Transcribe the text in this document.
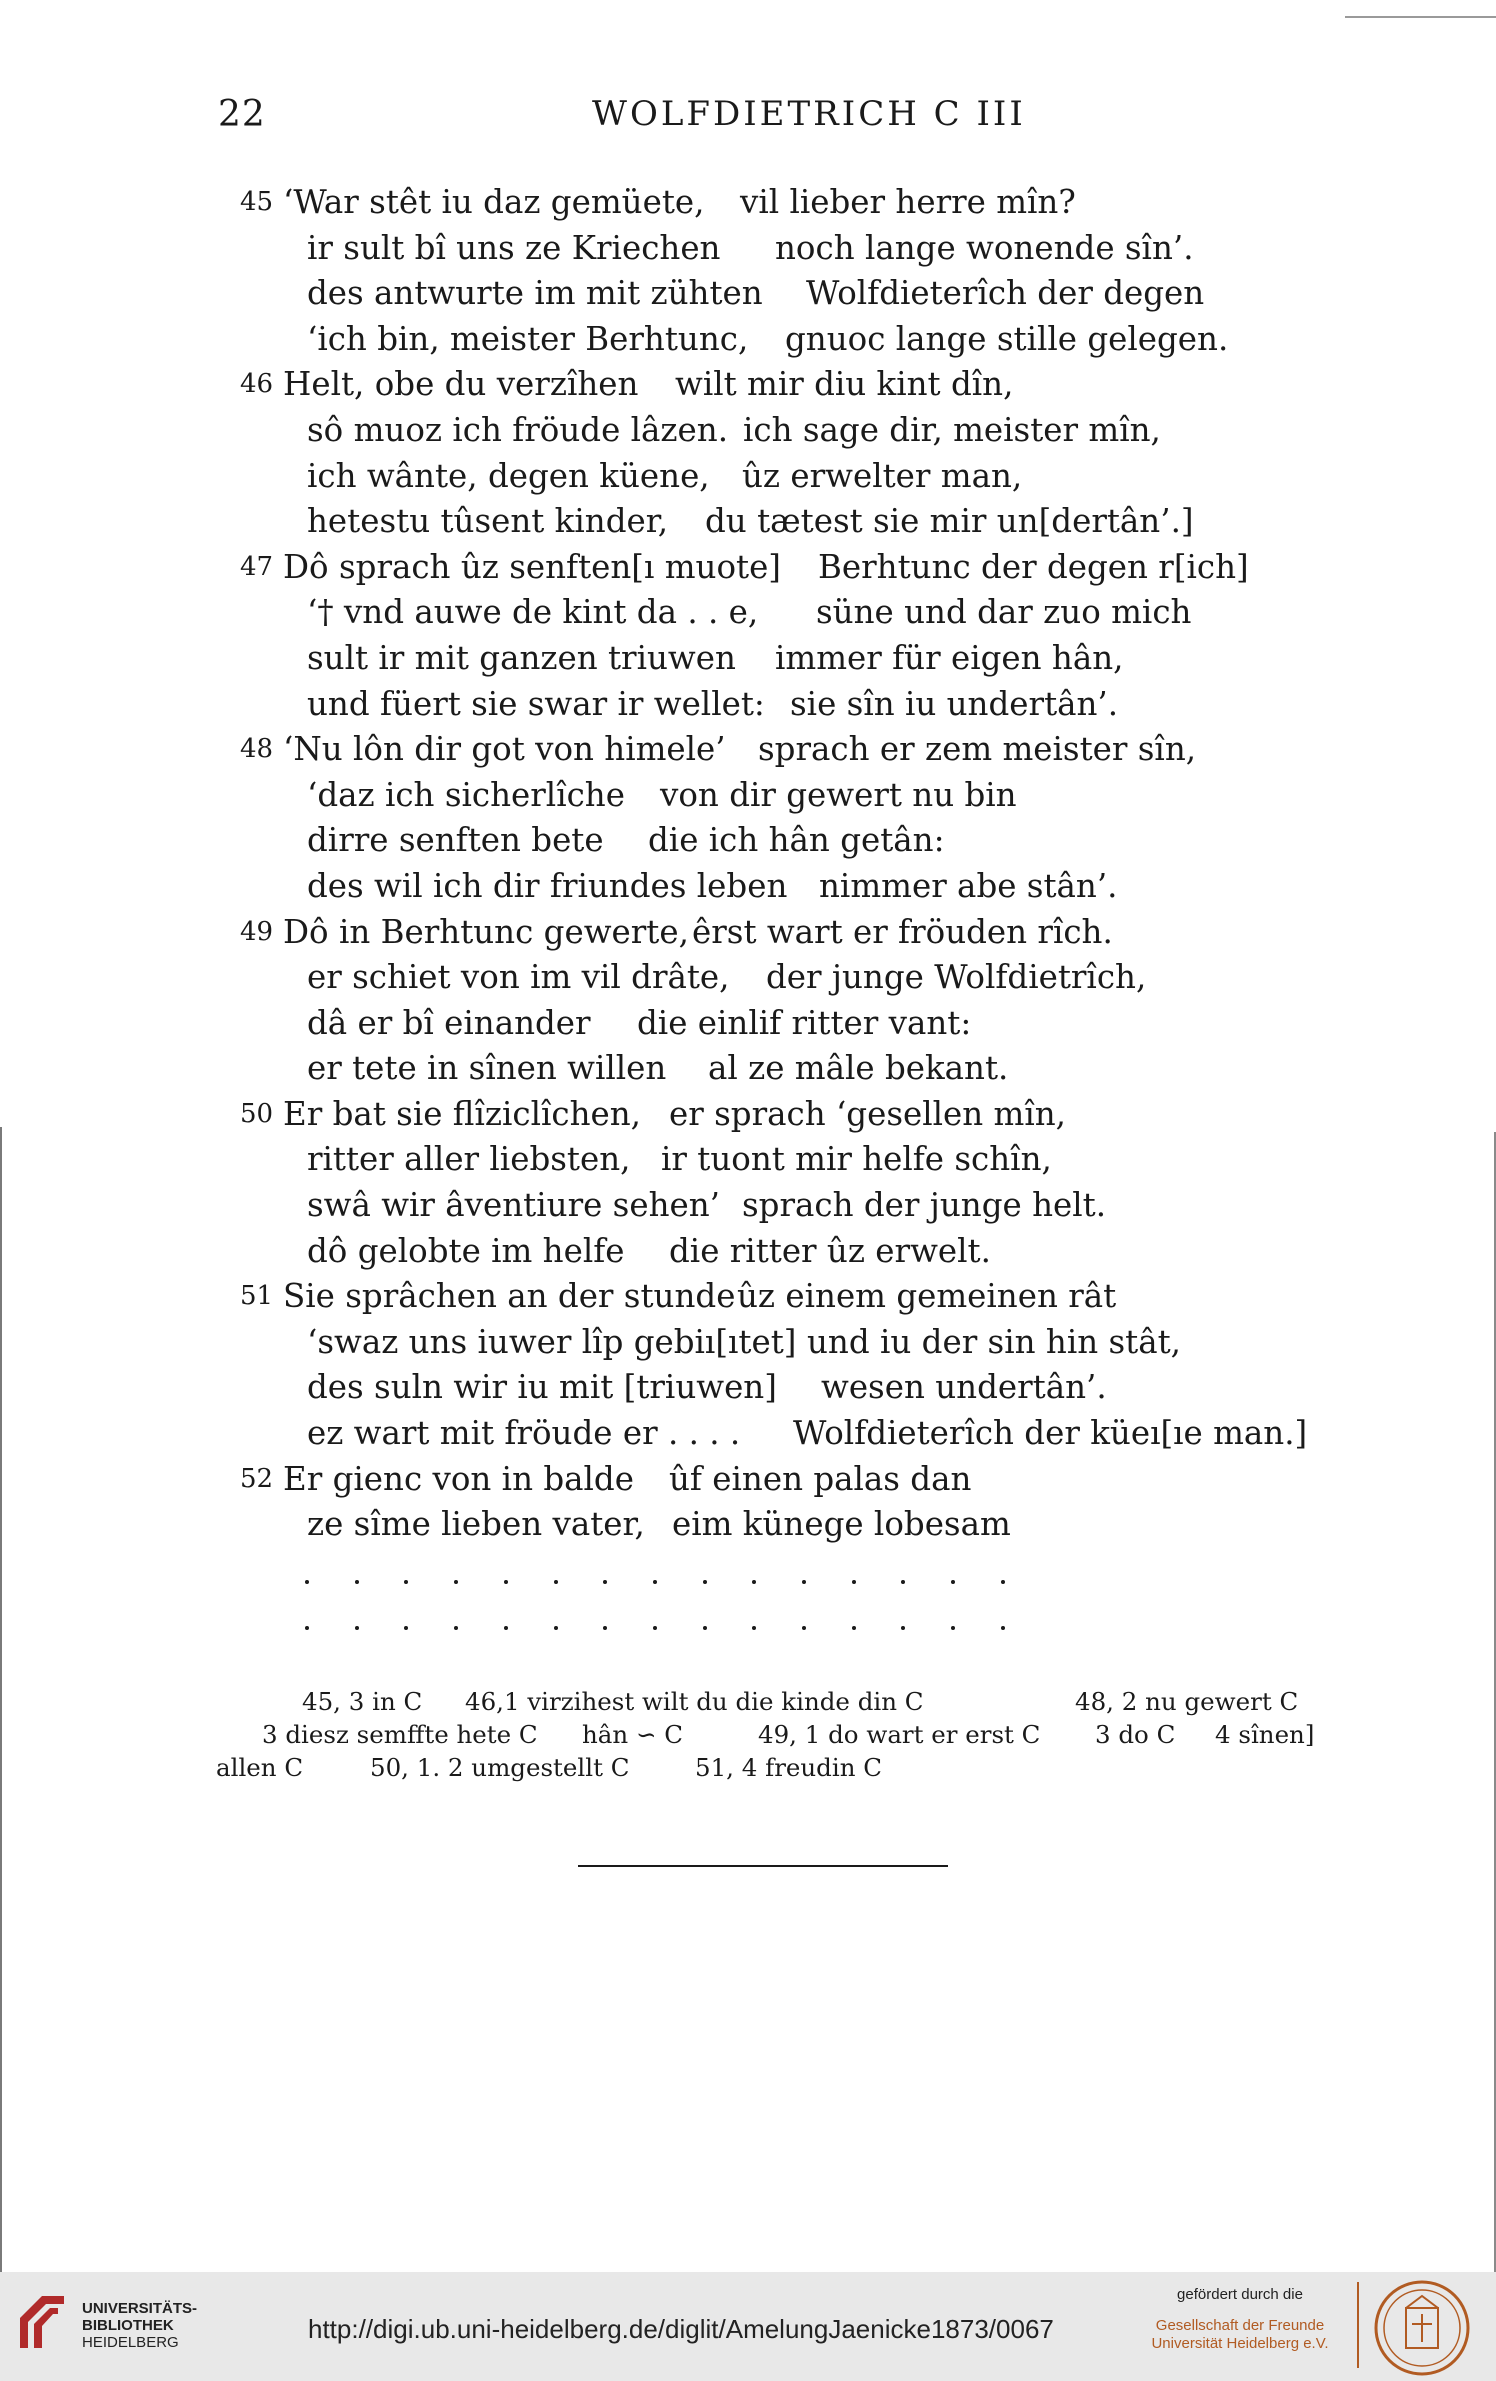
22	WOLFDIETRICH C III
45 ‘War stêt iu daz gemüete, vil lieber herre mîn?
ir sult bî uns ze Kriechen noch lange wonende sîn’.
des antwurte im mit zühten Wolfdieterîch der degen
‘ich bin, meister Berhtunc, gnuoc lange stille gelegen.
46 Helt, obe du verzîhen wilt mir diu kint dîn,
sô muoz ich fröude lâzen. ich sage dir, meister mîn,
ich wânte, degen küene, ûz erwelter man,
hetestu tûsent kinder, du tætest sie mir un[dertân’.]
47 Dô sprach ûz senften[ı muote] Berhtunc der degen r[ich]
‘† vnd auwe de kint da . . e, süne und dar zuo mich
sult ir mit ganzen triuwen immer für eigen hân,
und füert sie swar ir wellet: sie sîn iu undertân’.
48 ‘Nu lôn dir got von himele’ sprach er zem meister sîn,
‘daz ich sicherlîche von dir gewert nu bin
dirre senften bete die ich hân getân:
des wil ich dir friundes leben nimmer abe stân’.
49 Dô in Berhtunc gewerte, êrst wart er fröuden rîch.
er schiet von im vil drâte, der junge Wolfdietrîch,
dâ er bî einander die einlif ritter vant:
er tete in sînen willen al ze mâle bekant.
50 Er bat sie flîziclîchen, er sprach ‘gesellen mîn,
ritter aller liebsten, ir tuont mir helfe schîn,
swâ wir âventiure sehen’ sprach der junge helt.
dô gelobte im helfe die ritter ûz erwelt.
51 Sie sprâchen an der stunde ûz einem gemeinen rât
‘swaz uns iuwer lîp gebiı[ıtet] und iu der sin hin stât,
des suln wir iu mit [triuwen] wesen undertân’.
ez wart mit fröude er . . . . Wolfdieterîch der küeı[ıe man.]
52 Er gienc von in balde ûf einen palas dan
ze sîme lieben vater, eim künege lobesam
45, 3 in C 46,1 virzihest wilt du die kinde din C	48, 2 nu gewert C
3 diesz semffte hete C hân ∽ C	49, 1 do wart er erst C 3 do C 4 sînen]
allen C	50, 1. 2 umgestellt C	51, 4 freudin C
UNIVERSITÄTS-
BIBLIOTHEK
HEIDELBERG	http://digi.ub.uni-heidelberg.de/diglit/AmelungJaenicke1873/0067
gefördert durch die
Gesellschaft der Freunde
Universität Heidelberg e.V.
